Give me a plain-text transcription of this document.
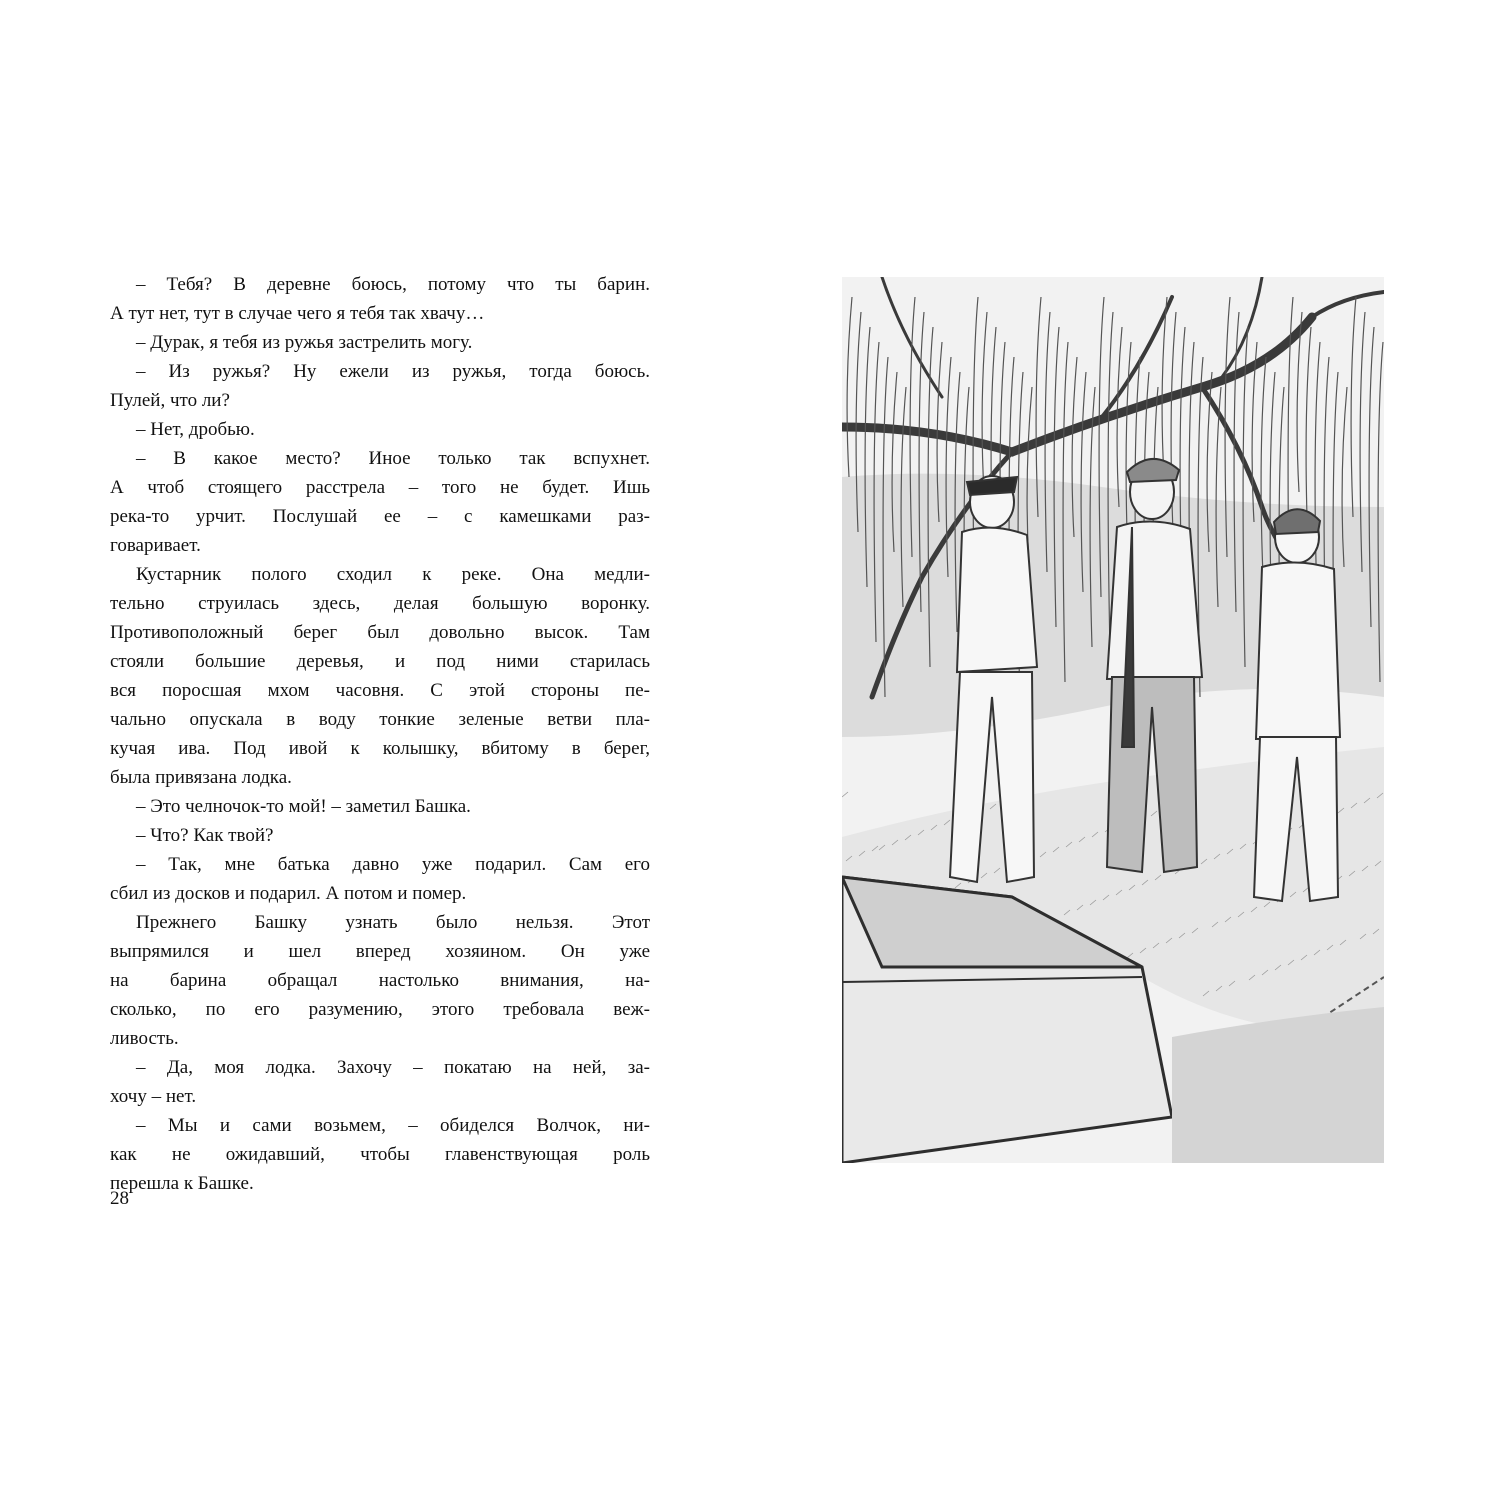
– Тебя? В деревне боюсь, потому что ты барин.
А тут нет, тут в случае чего я тебя так хвачу…
– Дурак, я тебя из ружья застрелить могу.
– Из ружья? Ну ежели из ружья, тогда боюсь.
Пулей, что ли?
– Нет, дробью.
– В какое место? Иное только так вспухнет.
А чтоб стоящего расстрела – того не будет. Ишь
река-то урчит. Послушай ее – с камешками раз-
говаривает.
Кустарник полого сходил к реке. Она медли-
тельно струилась здесь, делая большую воронку.
Противоположный берег был довольно высок. Там
стояли большие деревья, и под ними старилась
вся поросшая мхом часовня. С этой стороны пе-
чально опускала в воду тонкие зеленые ветви пла-
кучая ива. Под ивой к колышку, вбитому в берег,
была привязана лодка.
– Это челночок-то мой! – заметил Башка.
– Что? Как твой?
– Так, мне батька давно уже подарил. Сам его
сбил из досков и подарил. А потом и помер.
Прежнего Башку узнать было нельзя. Этот
выпрямился и шел вперед хозяином. Он уже
на барина обращал настолько внимания, на-
сколько, по его разумению, этого требовала веж-
ливость.
– Да, моя лодка. Захочу – покатаю на ней, за-
хочу – нет.
– Мы и сами возьмем, – обиделся Волчок, ни-
как не ожидавший, чтобы главенствующая роль
перешла к Башке.
28
